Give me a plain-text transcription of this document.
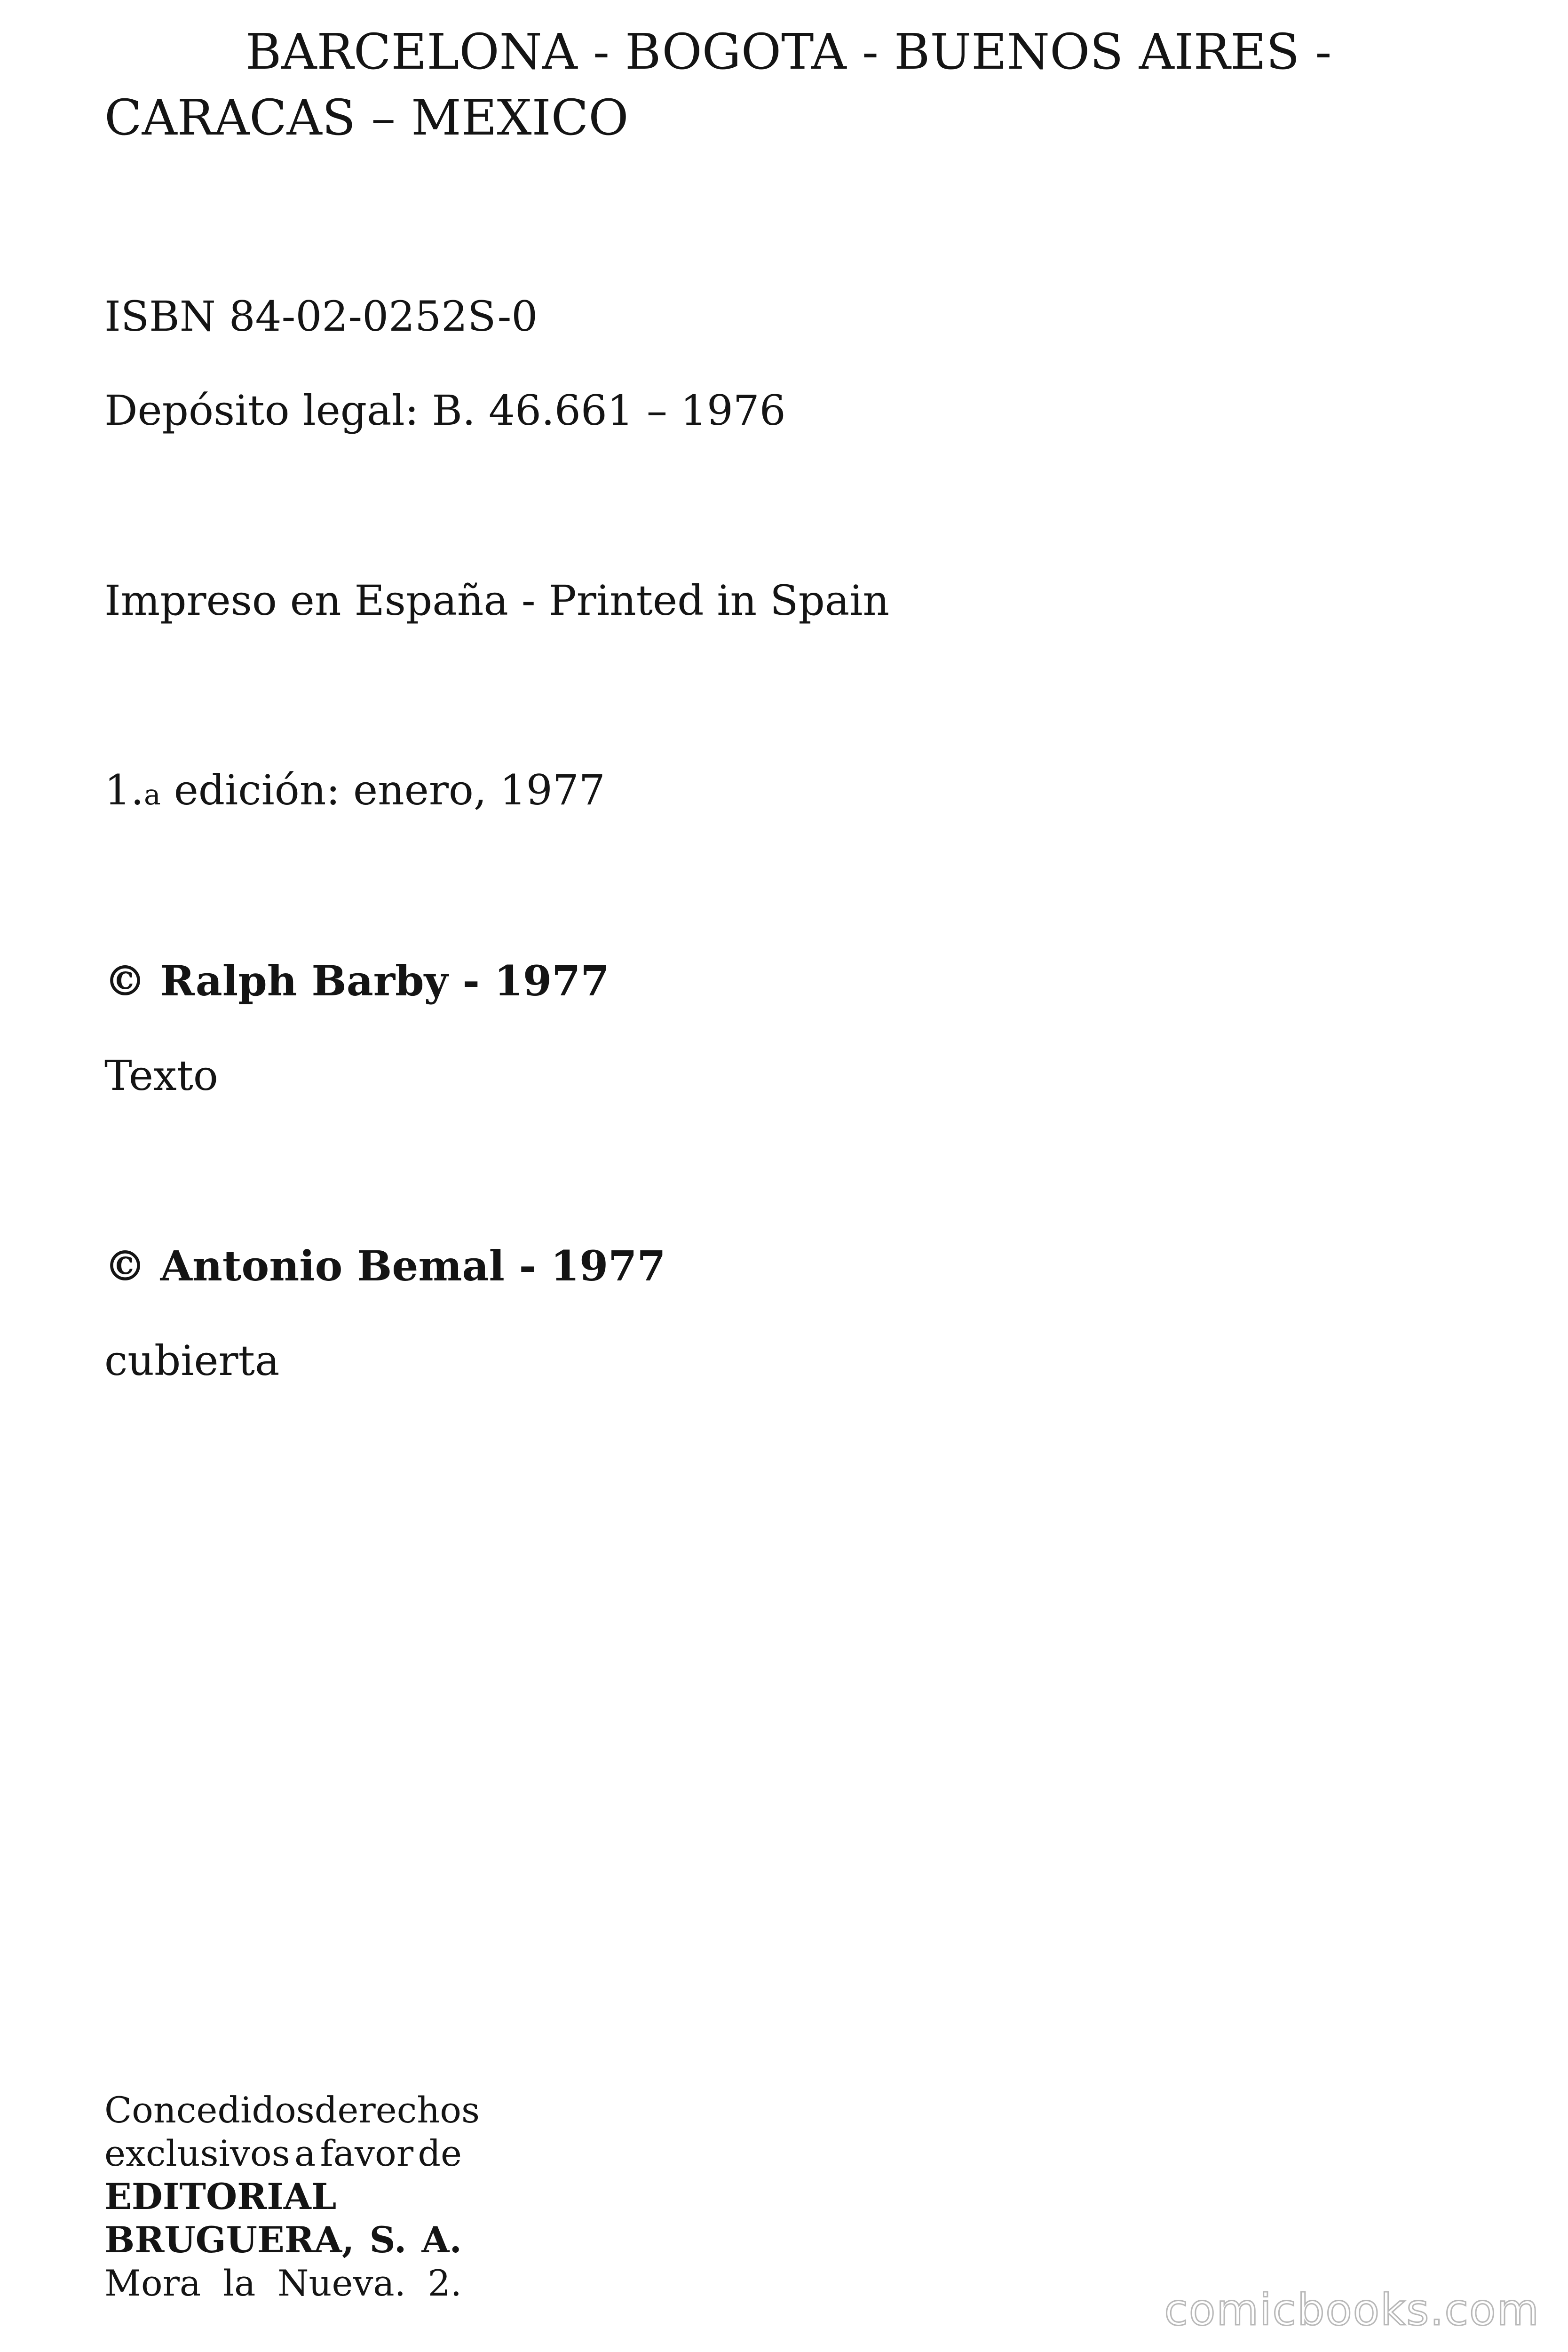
BARCELONA - BOGOTA - BUENOS AIRES -
CARACAS – MEXICO

ISBN 84-02-0252S-0

Depósito legal: B. 46.661 – 1976

Impreso en España - Printed in Spain

1.a edición: enero, 1977

© Ralph Barby - 1977

Texto

© Antonio Bemal - 1977

cubierta

Concedidos derechos
exclusivos a favor de
EDITORIAL
BRUGUERA, S. A.
Mora la Nueva. 2.
comicbooks.com
